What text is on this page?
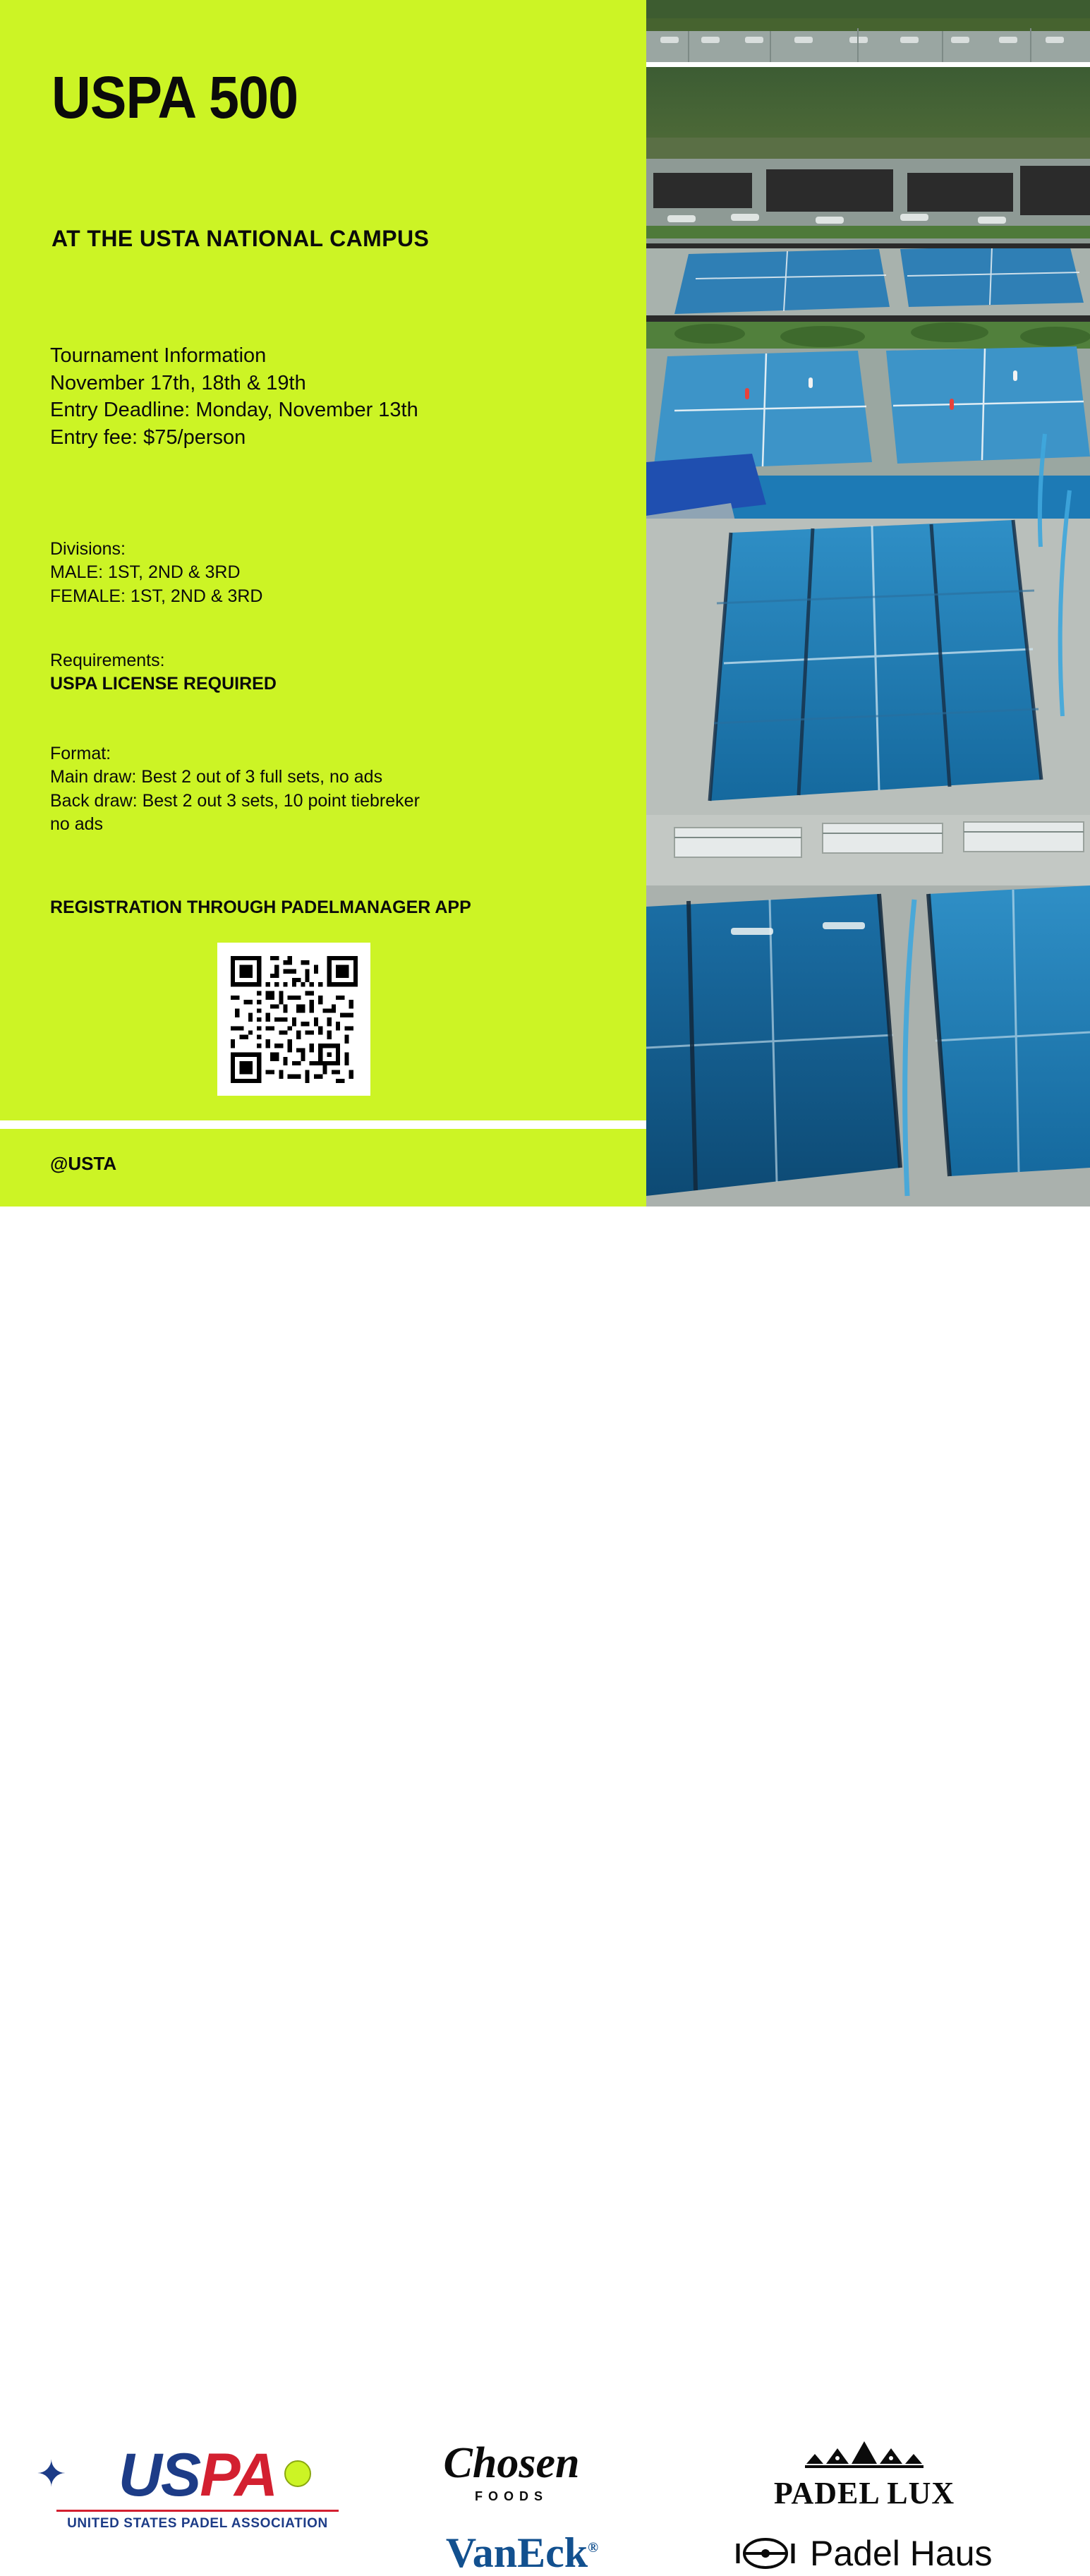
USPA 500
AT THE USTA NATIONAL CAMPUS
Tournament Information
November 17th, 18th & 19th
Entry Deadline: Monday, November 13th
Entry fee: $75/person
Divisions:
MALE: 1ST, 2ND & 3RD
FEMALE: 1ST, 2ND & 3RD
Requirements:
USPA LICENSE REQUIRED
Format:
Main draw: Best 2 out of 3 full sets, no ads
Back draw: Best 2 out 3 sets, 10 point tiebreker
no ads
REGISTRATION THROUGH PADELMANAGER APP
@USTA
✦ USPA
UNITED STATES PADEL ASSOCIATION
Chosen
FOODS
VanEck®
PADEL LUX
Padel Haus
